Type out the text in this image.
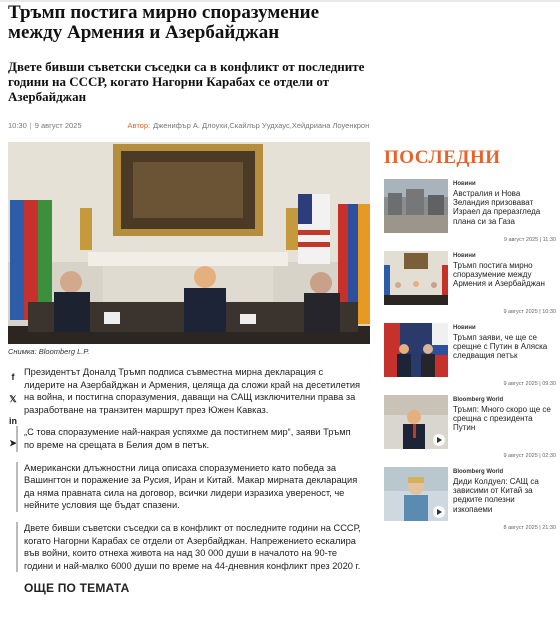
Тръмп постига мирно споразумение между Армения и Азербайджан
Двете бивши съветски съседки са в конфликт от последните години на СССР, когато Нагорни Карабах се отдели от Азербайджан
10:30 | 9 август 2025	Автор: Дженифър А. Длоухи,Скайлър Уудхаус,Хейдриана Лоуенкрон
Снимка: Bloomberg L.P.
f
𝕏
in
➤

Президентът Доналд Тръмп подписа съвместна мирна декларация с лидерите на Азербайджан и Армения, целяща да сложи край на десетилетия на война, и постигна споразумения, даващи на САЩ изключителни права за разработване на транзитен маршрут през Южен Кавказ.

„С това споразумение най-накрая успяхме да постигнем мир“, заяви Тръмп по време на срещата в Белия дом в петък.

Американски длъжностни лица описаха споразумението като победа за Вашингтон и поражение за Русия, Иран и Китай. Макар мирната декларация да няма правната сила на договор, всички лидери изразиха увереност, че нейните условия ще бъдат спазени.

Двете бивши съветски съседки са в конфликт от последните години на СССР, когато Нагорни Карабах се отдели от Азербайджан. Напрежението ескалира във войни, които отнеха живота на над 30 000 души в началото на 90-те години и най-малко 6000 души по време на 44-дневния конфликт през 2020 г.

ОЩЕ ПО ТЕМАТА
ПОСЛЕДНИ
Новини
Австралия и Нова Зеландия призовават Израел да преразгледа плана си за Газа
9 август 2025 | 11:30
Новини
Тръмп постига мирно споразумение между Армения и Азербайджан
9 август 2025 | 10:30
Новини
Тръмп заяви, че ще се срещне с Путин в Аляска следващия петък
9 август 2025 | 09:30
Bloomberg World
Тръмп: Много скоро ще се срещна с президента Путин
9 август 2025 | 02:30
Bloomberg World
Диди Колдуел: САЩ са зависими от Китай за редките полезни изкопаеми
8 август 2025 | 21:30
